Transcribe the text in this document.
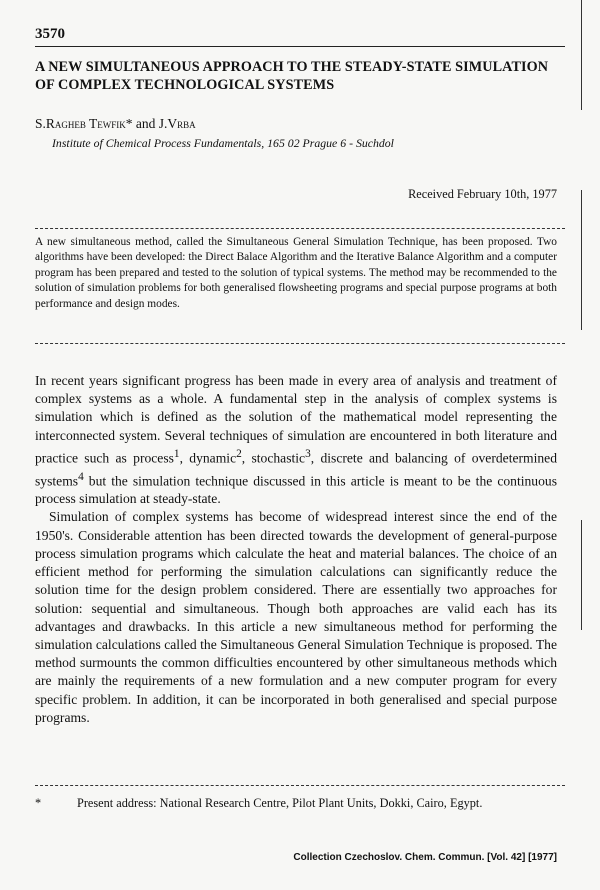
3570
A NEW SIMULTANEOUS APPROACH TO THE STEADY-STATE SIMULATION OF COMPLEX TECHNOLOGICAL SYSTEMS
S.Ragheb Tewfik* and J.Vrba
Institute of Chemical Process Fundamentals, 165 02 Prague 6 - Suchdol
Received February 10th, 1977
A new simultaneous method, called the Simultaneous General Simulation Technique, has been proposed. Two algorithms have been developed: the Direct Balace Algorithm and the Iterative Balance Algorithm and a computer program has been prepared and tested to the solution of typical systems. The method may be recommended to the solution of simulation problems for both generalised flowsheeting programs and special purpose programs at both performance and design modes.

In recent years significant progress has been made in every area of analysis and treatment of complex systems as a whole. A fundamental step in the analysis of complex systems is simulation which is defined as the solution of the mathematical model representing the interconnected system. Several techniques of simulation are encountered in both literature and practice such as process$^1$, dynamic$^2$, stochastic$^3$, discrete and balancing of overdetermined systems$^4$ but the simulation technique discussed in this article is meant to be the continuous process simulation at steady-state.

Simulation of complex systems has become of widespread interest since the end of the 1950's. Considerable attention has been directed towards the development of general-purpose process simulation programs which calculate the heat and material balances. The choice of an efficient method for performing the simulation calculations can significantly reduce the solution time for the design problem considered. There are essentially two approaches for solution: sequential and simultaneous. Though both approaches are valid each has its advantages and drawbacks. In this article a new simultaneous method for performing the simulation calculations called the Simultaneous General Simulation Technique is proposed. The method surmounts the common difficulties encountered by other simultaneous methods which are mainly the requirements of a new formulation and a new computer program for every specific problem. In addition, it can be incorporated in both generalised and special purpose programs.

*	Present address: National Research Centre, Pilot Plant Units, Dokki, Cairo, Egypt.
Collection Czechoslov. Chem. Commun. [Vol. 42] [1977]
